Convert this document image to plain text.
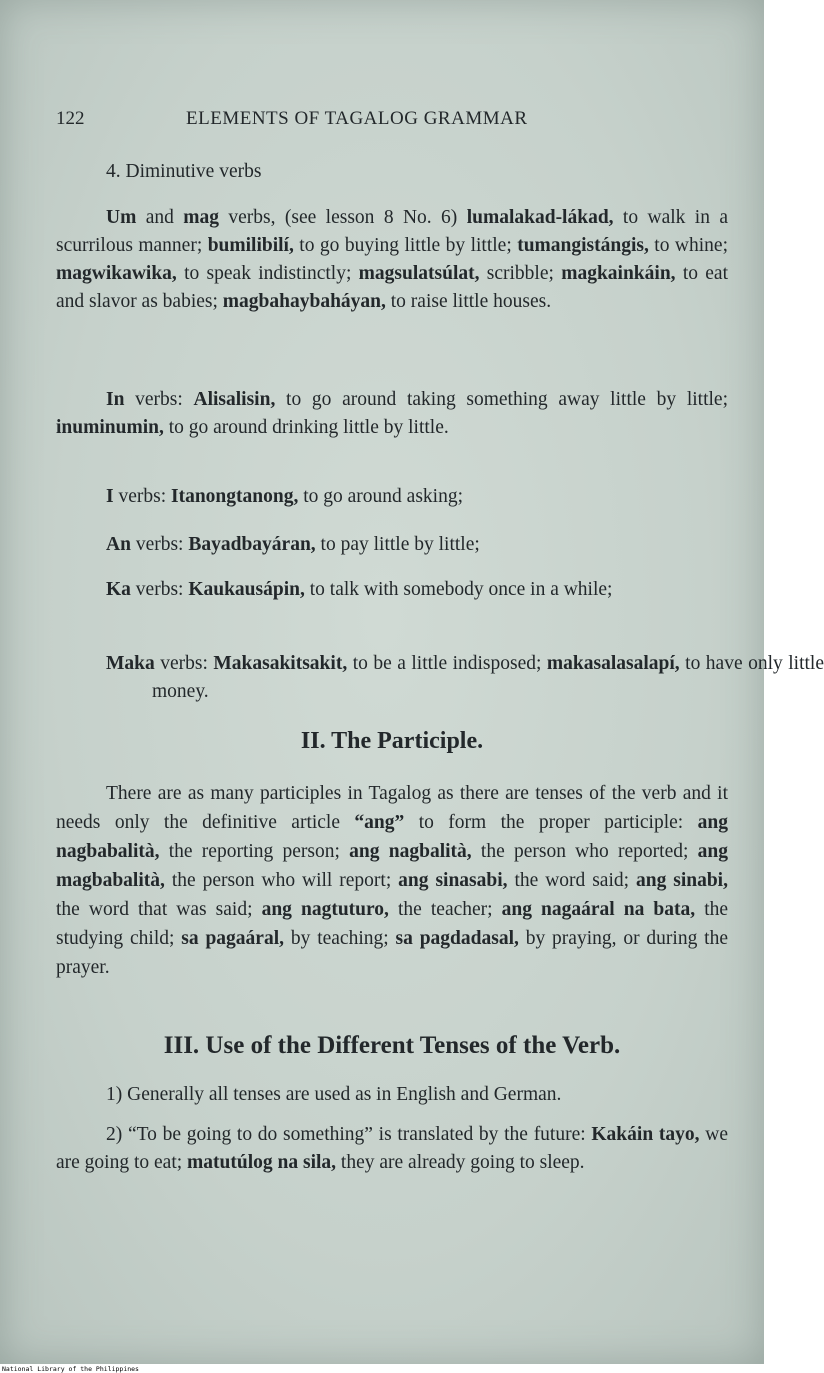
122	ELEMENTS OF TAGALOG GRAMMAR
4. Diminutive verbs
Um and mag verbs, (see lesson 8 No. 6) lumalakad-lákad, to walk in a scurrilous manner; bumilibilí, to go buying little by little; tumangistángis, to whine; magwikawika, to speak indistinctly; magsulatsúlat, scribble; magkainkáin, to eat and slavor as babies; magbahaybaháyan, to raise little houses.
In verbs: Alisalisin, to go around taking something away little by little; inuminumin, to go around drinking little by little.
I verbs: Itanongtanong, to go around asking;
An verbs: Bayadbayáran, to pay little by little;
Ka verbs: Kaukausápin, to talk with somebody once in a while;
Maka verbs: Makasakitsakit, to be a little indisposed; makasalasalapí, to have only little money.
II. The Participle.
There are as many participles in Tagalog as there are tenses of the verb and it needs only the definitive article “ang” to form the proper participle: ang nagbabalità, the reporting person; ang nagbalità, the person who reported; ang magbabalità, the person who will report; ang sinasabi, the word said; ang sinabi, the word that was said; ang nagtuturo, the teacher; ang nagaáral na bata, the studying child; sa pagaáral, by teaching; sa pagdadasal, by praying, or during the prayer.
III. Use of the Different Tenses of the Verb.
1) Generally all tenses are used as in English and German.
2) “To be going to do something” is translated by the future: Kakáin tayo, we are going to eat; matutúlog na sila, they are already going to sleep.
National Library of the Philippines
